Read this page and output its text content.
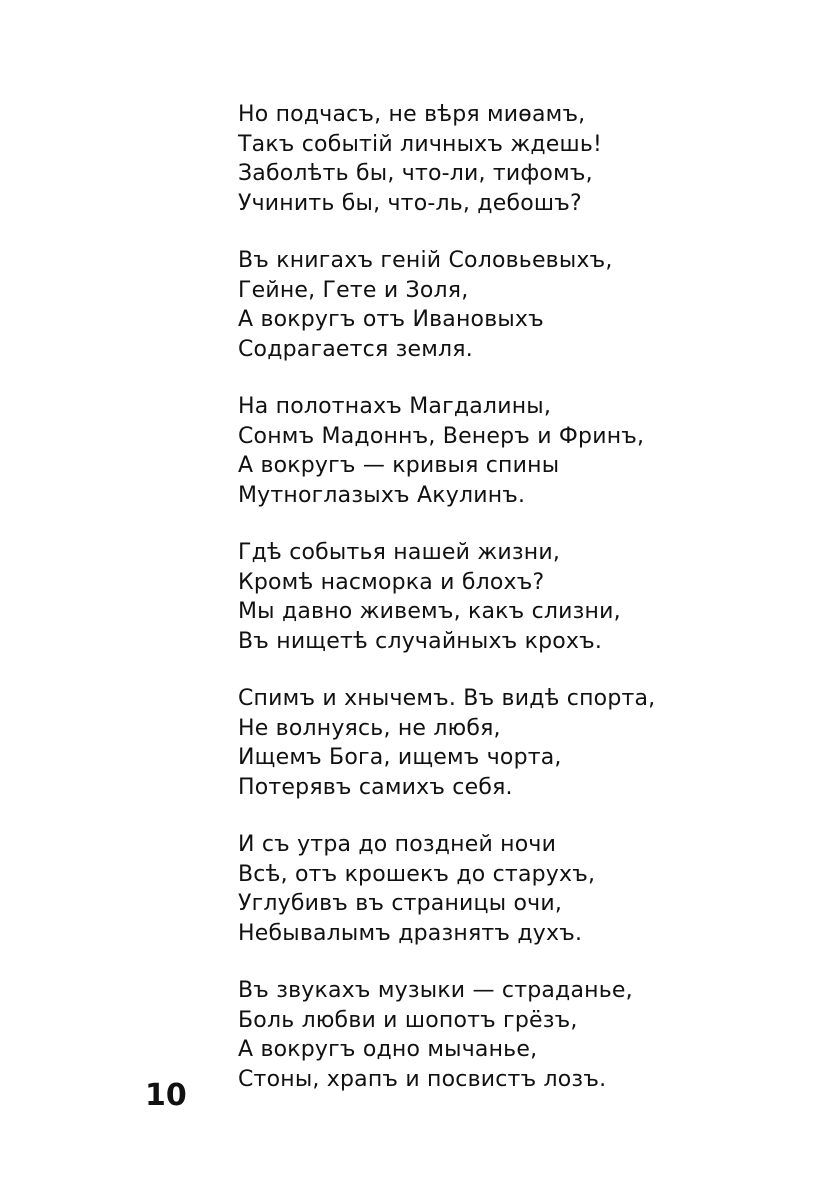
Но подчасъ, не вѣря миѳамъ,
Такъ событій личныхъ ждешь!
Заболѣть бы, что-ли, тифомъ,
Учинить бы, что-ль, дебошъ?
Въ книгахъ геній Соловьевыхъ,
Гейне, Гете и Золя,
А вокругъ отъ Ивановыхъ
Содрагается земля.
На полотнахъ Магдалины,
Сонмъ Мадоннъ, Венеръ и Фринъ,
А вокругъ — кривыя спины
Мутноглазыхъ Акулинъ.
Гдѣ событья нашей жизни,
Кромѣ насморка и блохъ?
Мы давно живемъ, какъ слизни,
Въ нищетѣ случайныхъ крохъ.
Спимъ и хнычемъ. Въ видѣ спорта,
Не волнуясь, не любя,
Ищемъ Бога, ищемъ чорта,
Потерявъ самихъ себя.
И съ утра до поздней ночи
Всѣ, отъ крошекъ до старухъ,
Углубивъ въ страницы очи,
Небывалымъ дразнятъ духъ.
Въ звукахъ музыки — страданье,
Боль любви и шопотъ грёзъ,
А вокругъ одно мычанье,
Стоны, храпъ и посвистъ лозъ.
10
